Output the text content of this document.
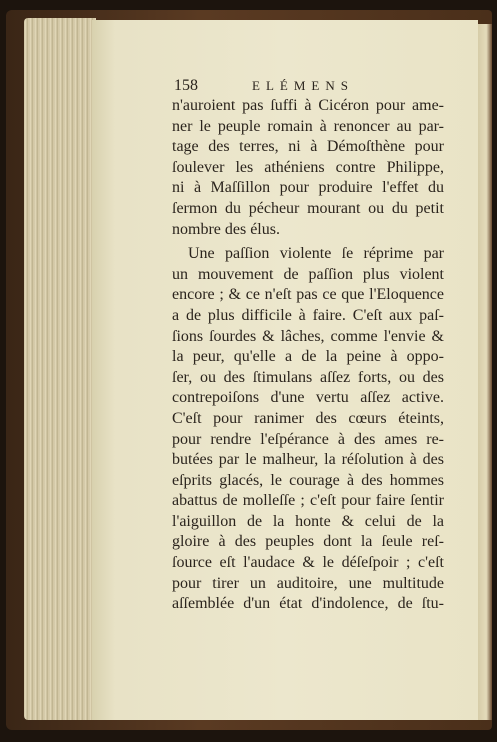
158	ELÉMENS
n'auroient pas ſuffi à Cicéron pour ame-
ner le peuple romain à renoncer au par-
tage des terres, ni à Démoſthène pour
ſoulever les athéniens contre Philippe,
ni à Maſſillon pour produire l'effet du
ſermon du pécheur mourant ou du petit
nombre des élus.
Une paſſion violente ſe réprime par
un mouvement de paſſion plus violent
encore ; & ce n'eſt pas ce que l'Eloquence
a de plus difficile à faire. C'eſt aux paſ-
ſions ſourdes & lâches, comme l'envie &
la peur, qu'elle a de la peine à oppo-
ſer, ou des ſtimulans aſſez forts, ou des
contrepoiſons d'une vertu aſſez active.
C'eſt pour ranimer des cœurs éteints,
pour rendre l'eſpérance à des ames re-
butées par le malheur, la réſolution à des
eſprits glacés, le courage à des hommes
abattus de molleſſe ; c'eſt pour faire ſentir
l'aiguillon de la honte & celui de la
gloire à des peuples dont la ſeule reſ-
ſource eſt l'audace & le déſeſpoir ; c'eſt
pour tirer un auditoire, une multitude
aſſemblée d'un état d'indolence, de ſtu-
